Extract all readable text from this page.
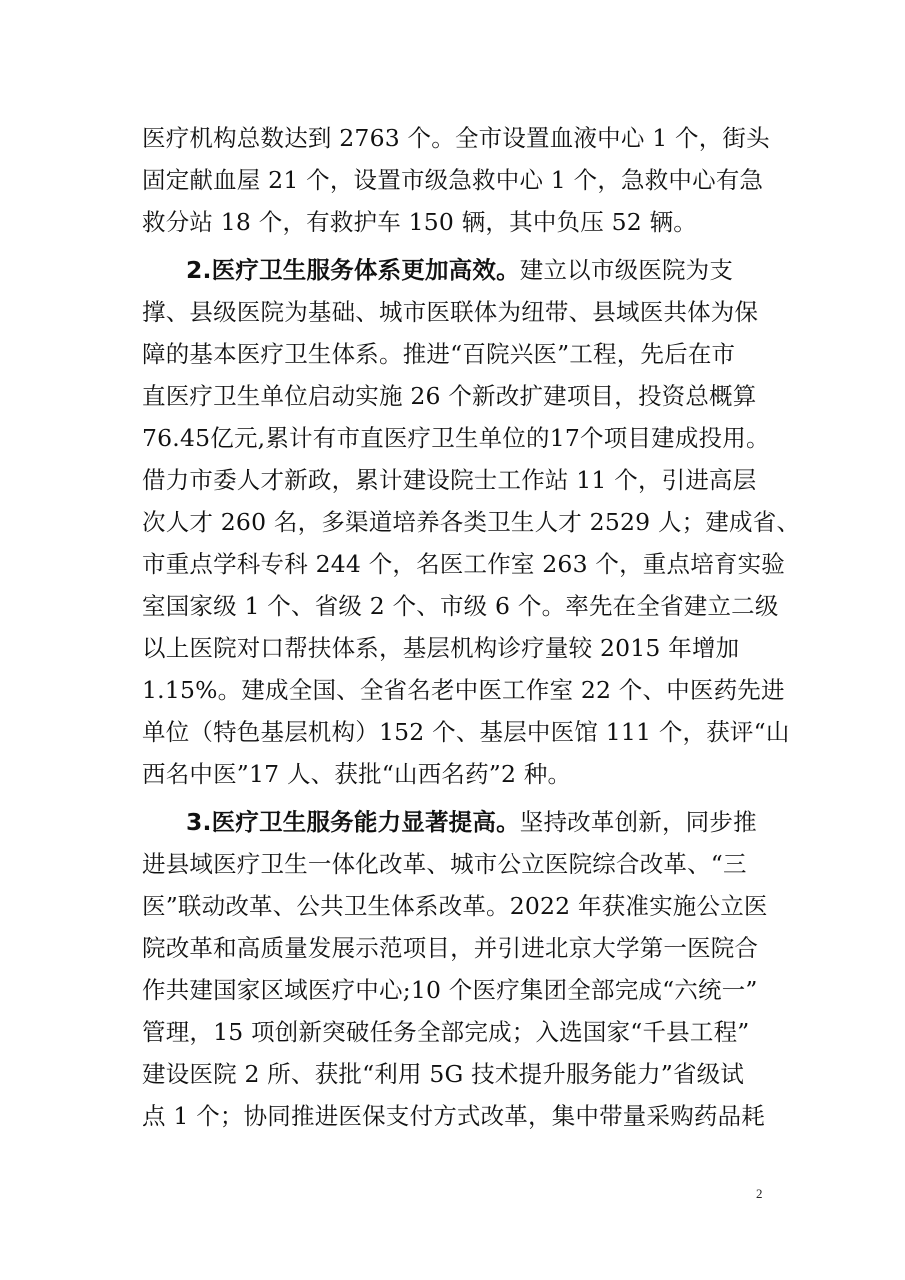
医疗机构总数达到 2763 个。全市设置血液中心 1 个，街头
固定献血屋 21 个，设置市级急救中心 1 个，急救中心有急
救分站 18 个，有救护车 150 辆，其中负压 52 辆。
2.医疗卫生服务体系更加高效。建立以市级医院为支
撑、县级医院为基础、城市医联体为纽带、县域医共体为保
障的基本医疗卫生体系。推进“百院兴医”工程，先后在市
直医疗卫生单位启动实施 26 个新改扩建项目，投资总概算
76.45亿元,累计有市直医疗卫生单位的17个项目建成投用。
借力市委人才新政，累计建设院士工作站 11 个，引进高层
次人才 260 名，多渠道培养各类卫生人才 2529 人；建成省、
市重点学科专科 244 个，名医工作室 263 个，重点培育实验
室国家级 1 个、省级 2 个、市级 6 个。率先在全省建立二级
以上医院对口帮扶体系，基层机构诊疗量较 2015 年增加
1.15%。建成全国、全省名老中医工作室 22 个、中医药先进
单位（特色基层机构）152 个、基层中医馆 111 个，获评“山
西名中医”17 人、获批“山西名药”2 种。
3.医疗卫生服务能力显著提高。坚持改革创新，同步推
进县域医疗卫生一体化改革、城市公立医院综合改革、“三
医”联动改革、公共卫生体系改革。2022 年获准实施公立医
院改革和高质量发展示范项目，并引进北京大学第一医院合
作共建国家区域医疗中心;10 个医疗集团全部完成“六统一”
管理，15 项创新突破任务全部完成；入选国家“千县工程”
建设医院 2 所、获批“利用 5G 技术提升服务能力”省级试
点 1 个；协同推进医保支付方式改革，集中带量采购药品耗
2
